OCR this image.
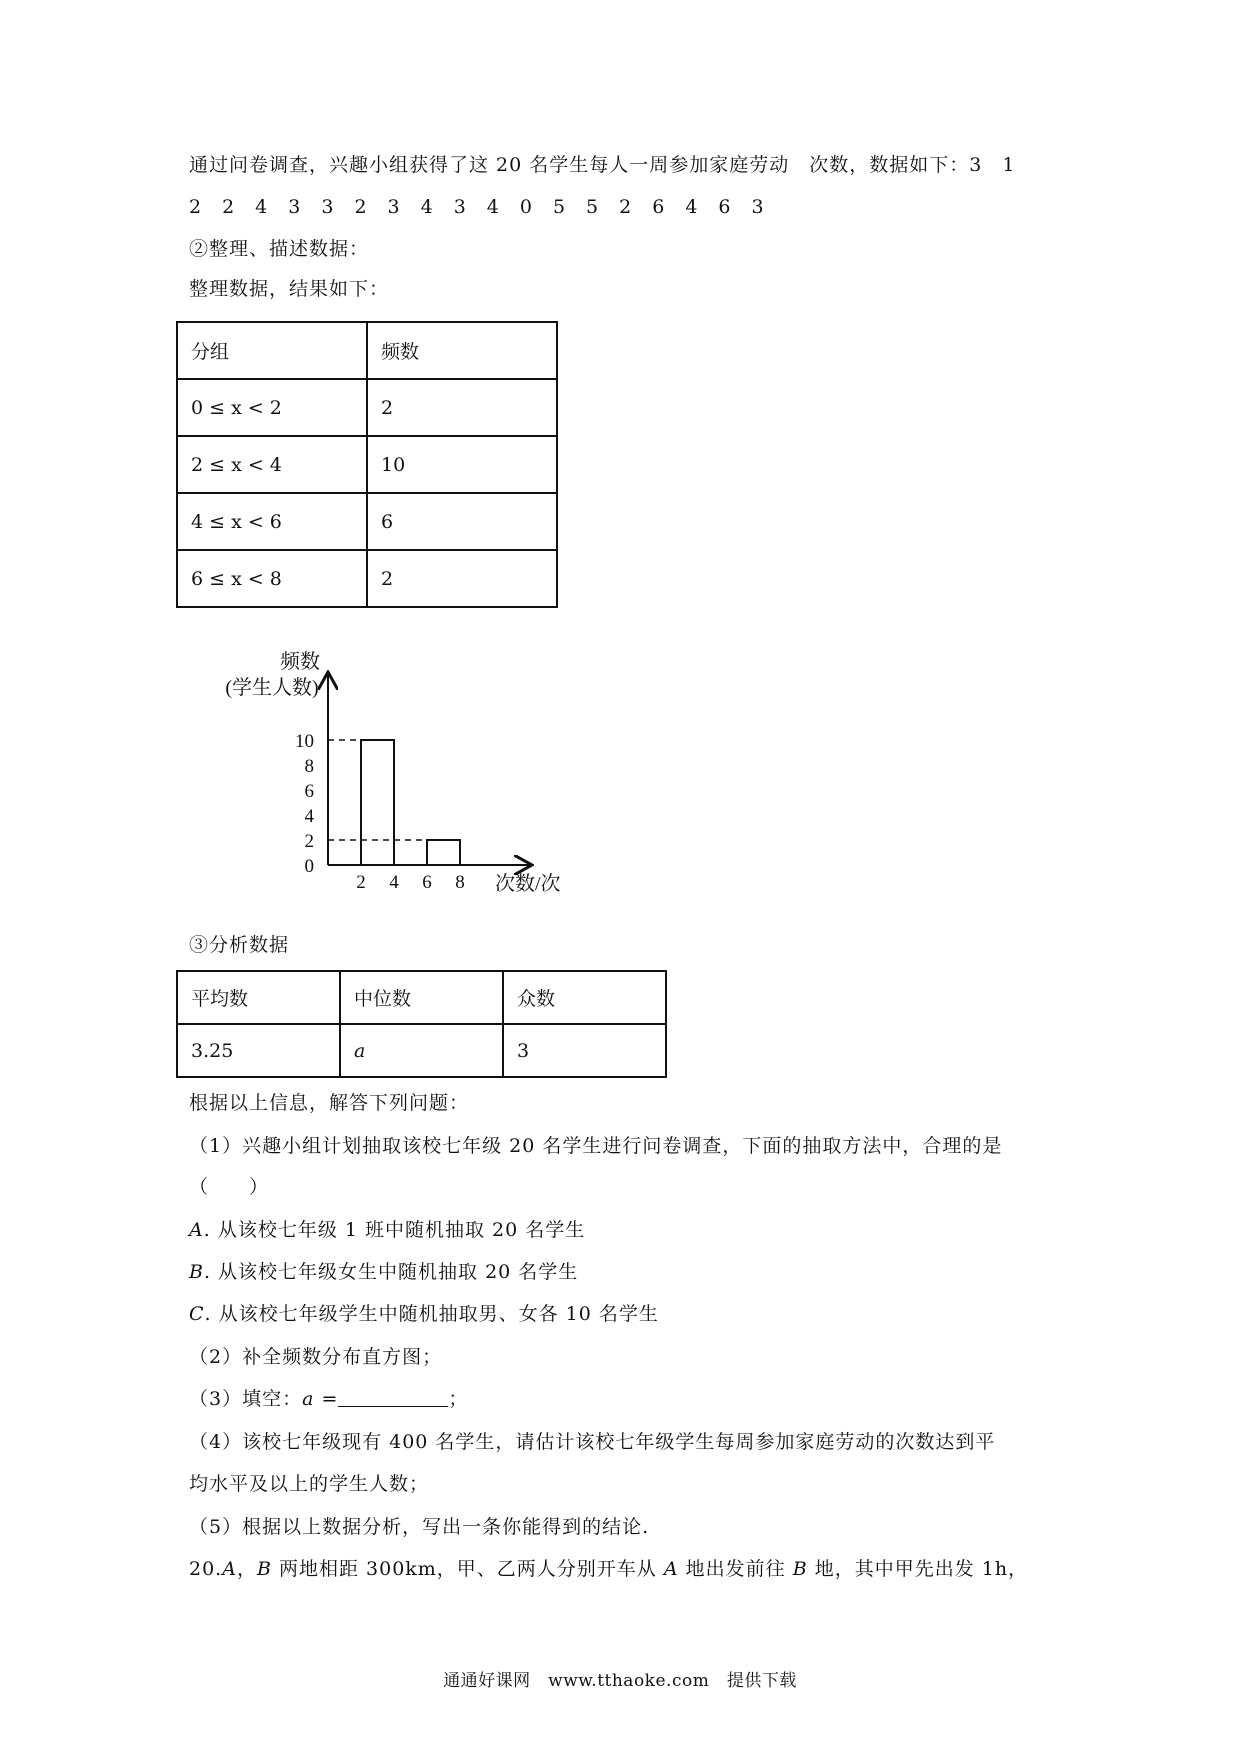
通过问卷调查，兴趣小组获得了这 20 名学生每人一周参加家庭劳动　次数，数据如下：3　1
2　2　4　3　3　2　3　4　3　4　0　5　5　2　6　4　6　3
②整理、描述数据：
整理数据，结果如下：
分组	频数
0 ≤ x < 2	2
2 ≤ x < 4	10
4 ≤ x < 6	6
6 ≤ x < 8	2
频数
(学生人数)
0
2
4
6
8
10
2 4 6 8 次数/次
③分析数据
平均数	中位数	众数
3.25	a	3
根据以上信息，解答下列问题：
（1）兴趣小组计划抽取该校七年级 20 名学生进行问卷调查，下面的抽取方法中，合理的是
（　　）
A. 从该校七年级 1 班中随机抽取 20 名学生
B. 从该校七年级女生中随机抽取 20 名学生
C. 从该校七年级学生中随机抽取男、女各 10 名学生
（2）补全频数分布直方图；
（3）填空：a =	；
（4）该校七年级现有 400 名学生，请估计该校七年级学生每周参加家庭劳动的次数达到平
均水平及以上的学生人数；
（5）根据以上数据分析，写出一条你能得到的结论.
20.A，B 两地相距 300km，甲、乙两人分别开车从 A 地出发前往 B 地，其中甲先出发 1h，
通通好课网　www.tthaoke.com　提供下载
